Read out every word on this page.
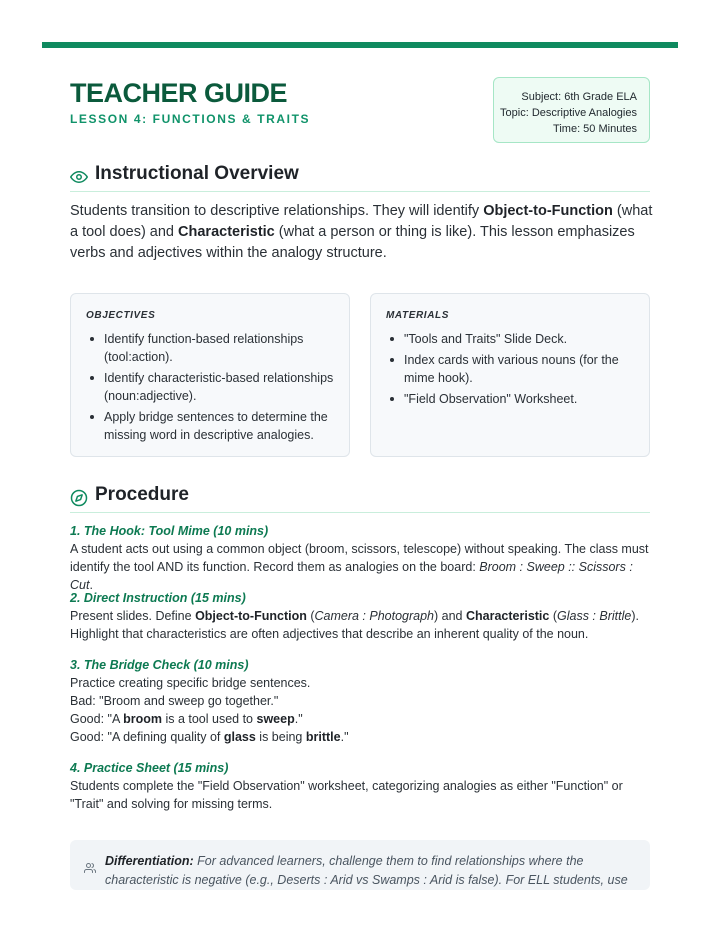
TEACHER GUIDE
LESSON 4: FUNCTIONS & TRAITS
Subject: 6th Grade ELA
Topic: Descriptive Analogies
Time: 50 Minutes
Instructional Overview

Students transition to descriptive relationships. They will identify Object-to-Function (what a tool does) and Characteristic (what a person or thing is like). This lesson emphasizes verbs and adjectives within the analogy structure.

OBJECTIVES
Identify function-based relationships (tool:action).
Identify characteristic-based relationships (noun:adjective).
Apply bridge sentences to determine the missing word in descriptive analogies.
MATERIALS
"Tools and Traits" Slide Deck.
Index cards with various nouns (for the mime hook).
"Field Observation" Worksheet.
Procedure
1. The Hook: Tool Mime (10 mins)
A student acts out using a common object (broom, scissors, telescope) without speaking. The class must identify the tool AND its function. Record them as analogies on the board: Broom : Sweep :: Scissors : Cut.
2. Direct Instruction (15 mins)
Present slides. Define Object-to-Function (Camera : Photograph) and Characteristic (Glass : Brittle). Highlight that characteristics are often adjectives that describe an inherent quality of the noun.
3. The Bridge Check (10 mins)
Practice creating specific bridge sentences.
Bad: "Broom and sweep go together."
Good: "A broom is a tool used to sweep."
Good: "A defining quality of glass is being brittle."
4. Practice Sheet (15 mins)
Students complete the "Field Observation" worksheet, categorizing analogies as either "Function" or "Trait" and solving for missing terms.
Differentiation: For advanced learners, challenge them to find relationships where the characteristic is negative (e.g., Deserts : Arid vs Swamps : Arid is false). For ELL students, use
